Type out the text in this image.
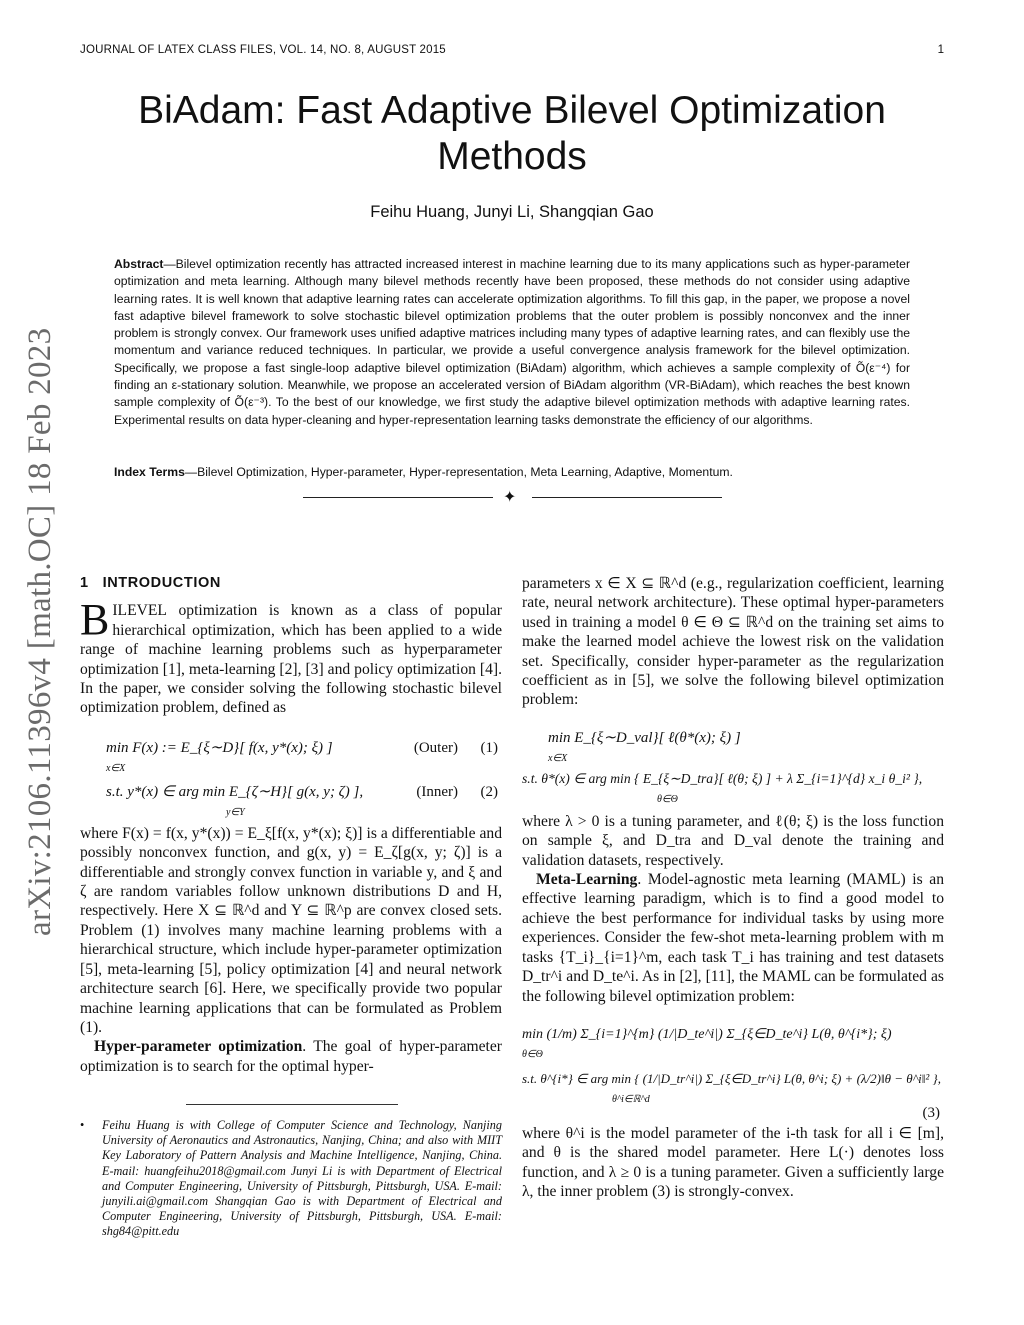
JOURNAL OF LATEX CLASS FILES, VOL. 14, NO. 8, AUGUST 2015	1
BiAdam: Fast Adaptive Bilevel Optimization
Methods
Feihu Huang, Junyi Li, Shangqian Gao
Abstract—Bilevel optimization recently has attracted increased interest in machine learning due to its many applications such as hyper-parameter optimization and meta learning. Although many bilevel methods recently have been proposed, these methods do not consider using adaptive learning rates. It is well known that adaptive learning rates can accelerate optimization algorithms. To fill this gap, in the paper, we propose a novel fast adaptive bilevel framework to solve stochastic bilevel optimization problems that the outer problem is possibly nonconvex and the inner problem is strongly convex. Our framework uses unified adaptive matrices including many types of adaptive learning rates, and can flexibly use the momentum and variance reduced techniques. In particular, we provide a useful convergence analysis framework for the bilevel optimization. Specifically, we propose a fast single-loop adaptive bilevel optimization (BiAdam) algorithm, which achieves a sample complexity of Õ(ε⁻⁴) for finding an ε-stationary solution. Meanwhile, we propose an accelerated version of BiAdam algorithm (VR-BiAdam), which reaches the best known sample complexity of Õ(ε⁻³). To the best of our knowledge, we first study the adaptive bilevel optimization methods with adaptive learning rates. Experimental results on data hyper-cleaning and hyper-representation learning tasks demonstrate the efficiency of our algorithms.
Index Terms—Bilevel Optimization, Hyper-parameter, Hyper-representation, Meta Learning, Adaptive, Momentum.
✦
arXiv:2106.11396v4 [math.OC] 18 Feb 2023 1 INTRODUCTION

BILEVEL optimization is known as a class of popular hierarchical optimization, which has been applied to a wide range of machine learning problems such as hyperparameter optimization [1], meta-learning [2], [3] and policy optimization [4]. In the paper, we consider solving the following stochastic bilevel optimization problem, defined as

min F(x) := E_{ξ∼D}[ f(x, y*(x); ξ) ]
x∈X
(Outer) (1)
s.t. y*(x) ∈ arg min E_{ζ∼H}[ g(x, y; ζ) ],
y∈Y
(Inner) (2)

where F(x) = f(x, y*(x)) = E_ξ[f(x, y*(x); ξ)] is a differentiable and possibly nonconvex function, and g(x, y) = E_ζ[g(x, y; ζ)] is a differentiable and strongly convex function in variable y, and ξ and ζ are random variables follow unknown distributions D and H, respectively. Here X ⊆ ℝ^d and Y ⊆ ℝ^p are convex closed sets. Problem (1) involves many machine learning problems with a hierarchical structure, which include hyper-parameter optimization [5], meta-learning [5], policy optimization [4] and neural network architecture search [6]. Here, we specifically provide two popular machine learning applications that can be formulated as Problem (1).

Hyper-parameter optimization. The goal of hyper-parameter optimization is to search for the optimal hyper-

• Feihu Huang is with College of Computer Science and Technology, Nanjing University of Aeronautics and Astronautics, Nanjing, China; and also with MIIT Key Laboratory of Pattern Analysis and Machine Intelligence, Nanjing, China. E-mail: huangfeihu2018@gmail.com Junyi Li is with Department of Electrical and Computer Engineering, University of Pittsburgh, Pittsburgh, USA. E-mail: junyili.ai@gmail.com Shangqian Gao is with Department of Electrical and Computer Engineering, University of Pittsburgh, Pittsburgh, USA. E-mail: shg84@pitt.edu

parameters x ∈ X ⊆ ℝ^d (e.g., regularization coefficient, learning rate, neural network architecture). These optimal hyper-parameters used in training a model θ ∈ Θ ⊆ ℝ^d on the training set aims to make the learned model achieve the lowest risk on the validation set. Specifically, consider hyper-parameter as the regularization coefficient as in [5], we solve the following bilevel optimization problem:

min E_{ξ∼D_val}[ ℓ(θ*(x); ξ) ]
x∈X
s.t. θ*(x) ∈ arg min { E_{ξ∼D_tra}[ ℓ(θ; ξ) ] + λ Σ_{i=1}^{d} x_i θ_i² },
θ∈Θ

where λ > 0 is a tuning parameter, and ℓ(θ; ξ) is the loss function on sample ξ, and D_tra and D_val denote the training and validation datasets, respectively.

Meta-Learning. Model-agnostic meta learning (MAML) is an effective learning paradigm, which is to find a good model to achieve the best performance for individual tasks by using more experiences. Consider the few-shot meta-learning problem with m tasks {T_i}_{i=1}^m, each task T_i has training and test datasets D_tr^i and D_te^i. As in [2], [11], the MAML can be formulated as the following bilevel optimization problem:

min (1/m) Σ_{i=1}^{m} (1/|D_te^i|) Σ_{ξ∈D_te^i} L(θ, θ^{i*}; ξ)
θ∈Θ
s.t. θ^{i*} ∈ arg min { (1/|D_tr^i|) Σ_{ξ∈D_tr^i} L(θ, θ^i; ξ) + (λ/2)‖θ − θ^i‖² },
θ^i∈ℝ^d
(3)

where θ^i is the model parameter of the i-th task for all i ∈ [m], and θ is the shared model parameter. Here L(·) denotes loss function, and λ ≥ 0 is a tuning parameter. Given a sufficiently large λ, the inner problem (3) is strongly-convex.
